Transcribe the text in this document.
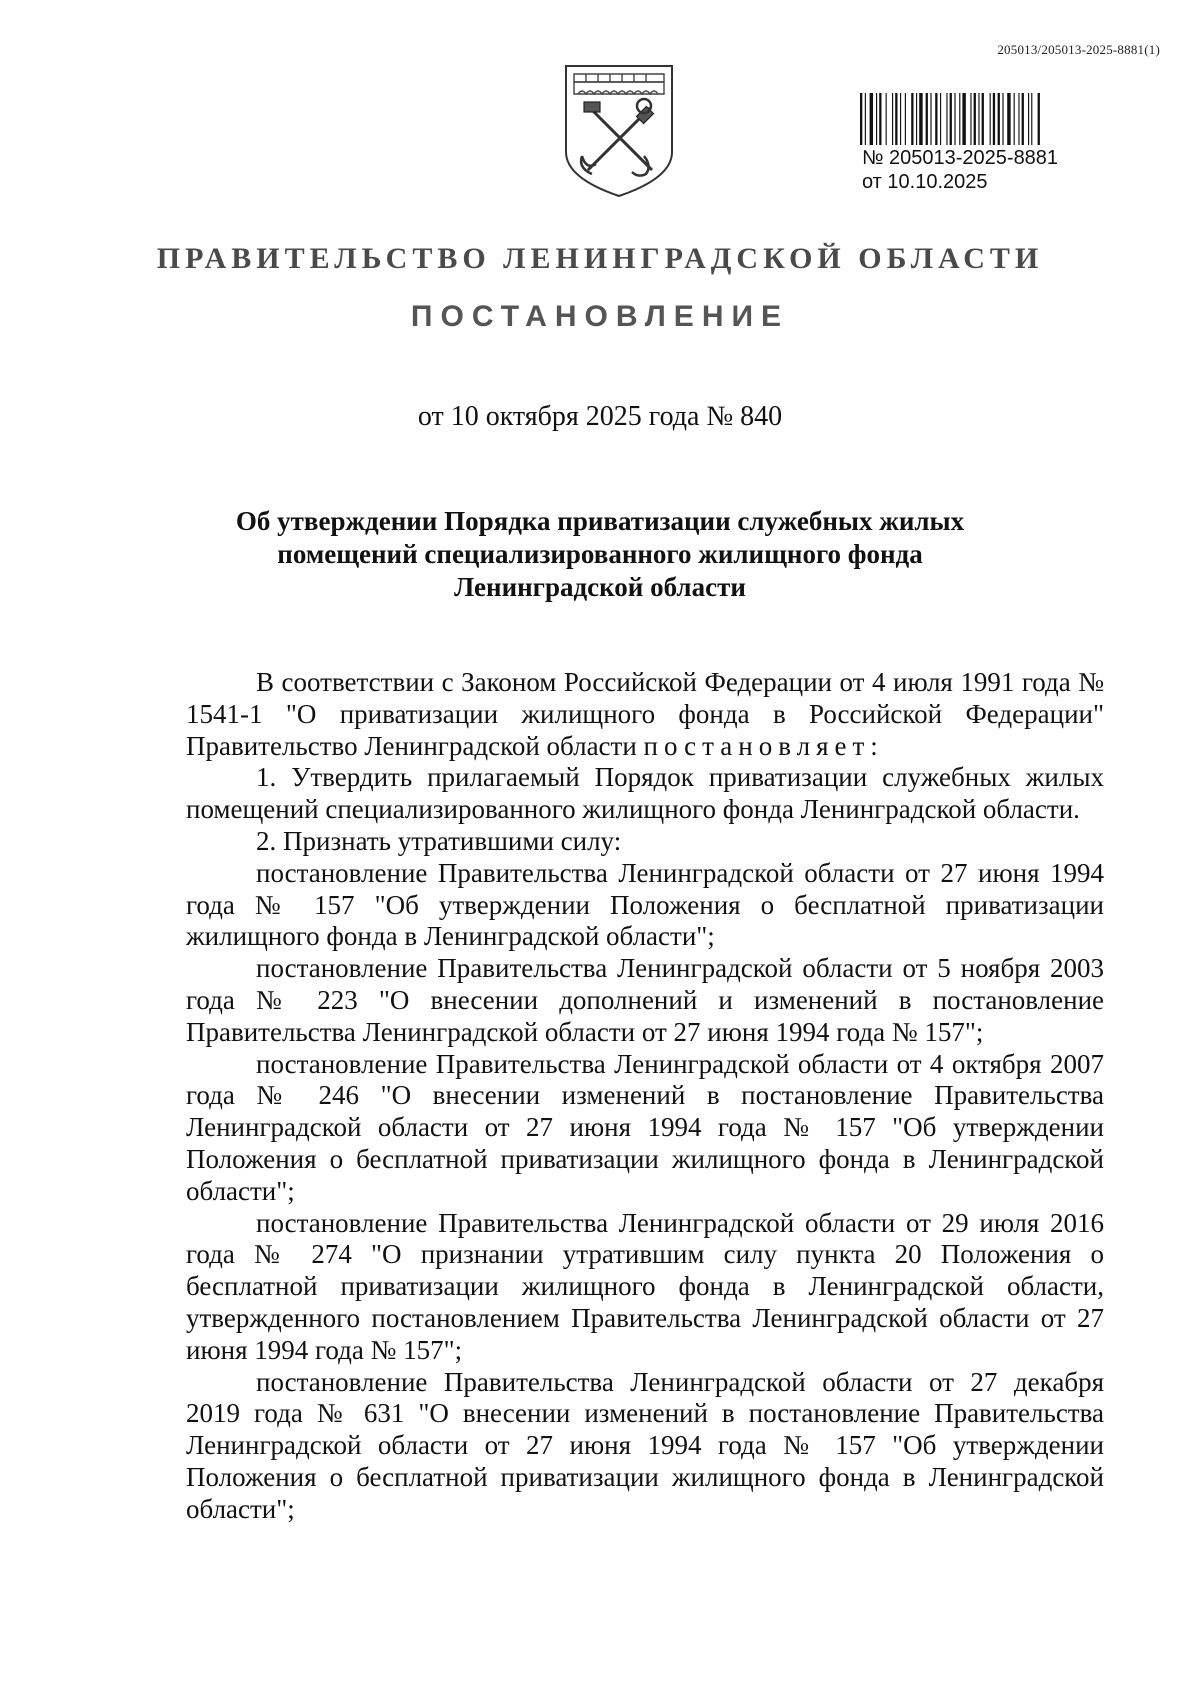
205013/205013-2025-8881(1)
№ 205013-2025-8881
от 10.10.2025
ПРАВИТЕЛЬСТВО ЛЕНИНГРАДСКОЙ ОБЛАСТИ
ПОСТАНОВЛЕНИЕ
от 10 октября 2025 года № 840
Об утверждении Порядка приватизации служебных жилых
помещений специализированного жилищного фонда
Ленинградской области

В соответствии с Законом Российской Федерации от 4 июля 1991 года № 1541-1 "О приватизации жилищного фонда в Российской Федерации" Правительство Ленинградской области постановляет:

1. Утвердить прилагаемый Порядок приватизации служебных жилых помещений специализированного жилищного фонда Ленинградской области.

2. Признать утратившими силу:

постановление Правительства Ленинградской области от 27 июня 1994 года № 157 "Об утверждении Положения о бесплатной приватизации жилищного фонда в Ленинградской области";

постановление Правительства Ленинградской области от 5 ноября 2003 года № 223 "О внесении дополнений и изменений в постановление Правительства Ленинградской области от 27 июня 1994 года № 157";

постановление Правительства Ленинградской области от 4 октября 2007 года № 246 "О внесении изменений в постановление Правительства Ленинградской области от 27 июня 1994 года № 157 "Об утверждении Положения о бесплатной приватизации жилищного фонда в Ленинградской области";

постановление Правительства Ленинградской области от 29 июля 2016 года № 274 "О признании утратившим силу пункта 20 Положения о бесплатной приватизации жилищного фонда в Ленинградской области, утвержденного постановлением Правительства Ленинградской области от 27 июня 1994 года № 157";

постановление Правительства Ленинградской области от 27 декабря 2019 года № 631 "О внесении изменений в постановление Правительства Ленинградской области от 27 июня 1994 года № 157 "Об утверждении Положения о бесплатной приватизации жилищного фонда в Ленинградской области";
